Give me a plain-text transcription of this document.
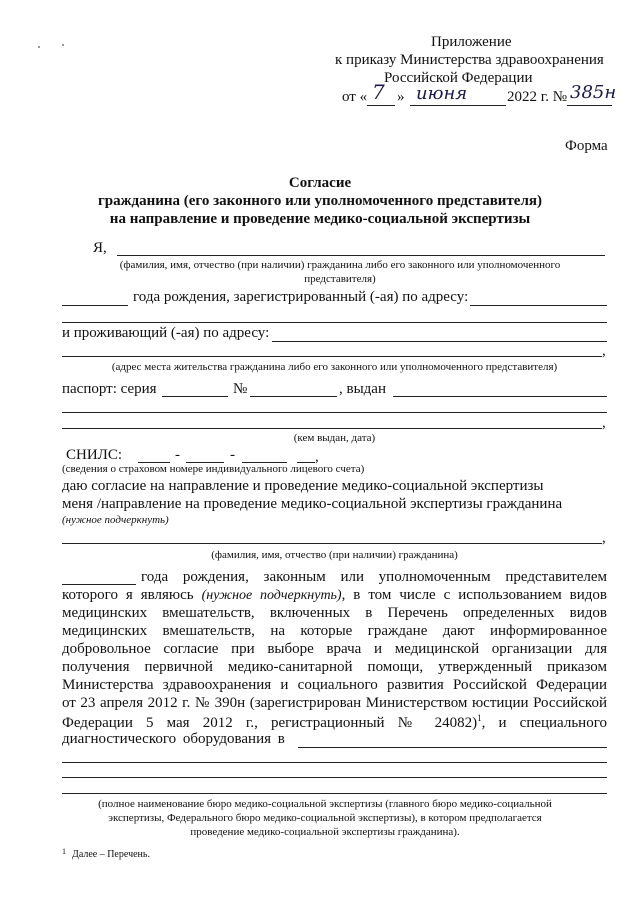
Приложение
к приказу Министерства здравоохранения
Российской Федерации
от « 7 » июня	2022 г. № 385н
Форма
Согласие
гражданина (его законного или уполномоченного представителя)
на направление и проведение медико-социальной экспертизы
Я,
(фамилия, имя, отчество (при наличии) гражданина либо его законного или уполномоченного
представителя)
года рождения, зарегистрированный (-ая) по адресу:
и проживающий (-ая) по адресу:
,
(адрес места жительства гражданина либо его законного или уполномоченного представителя)
паспорт: серия	№	, выдан
,
(кем выдан, дата)
СНИЛС:	-	-	,
(сведения о страховом номере индивидуального лицевого счета)
даю согласие на направление и проведение медико-социальной экспертизы
меня /направление на проведение медико-социальной экспертизы гражданина
(нужное подчеркнуть)
,
(фамилия, имя, отчество (при наличии) гражданина)
года рождения, законным или уполномоченным представителем
которого я являюсь (нужное подчеркнуть), в том числе с использованием видов
медицинских вмешательств, включенных в Перечень определенных видов
медицинских вмешательств, на которые граждане дают информированное
добровольное согласие при выборе врача и медицинской организации для
получения первичной медико-санитарной помощи, утвержденный приказом
Министерства здравоохранения и социального развития Российской Федерации
от 23 апреля 2012 г. № 390н (зарегистрирован Министерством юстиции Российской
Федерации 5 мая 2012 г., регистрационный № 24082)$^1$, и специального
диагностического оборудования в
(полное наименование бюро медико-социальной экспертизы (главного бюро медико-социальной
экспертизы, Федерального бюро медико-социальной экспертизы), в котором предполагается
проведение медико-социальной экспертизы гражданина).
1 Далее – Перечень.
